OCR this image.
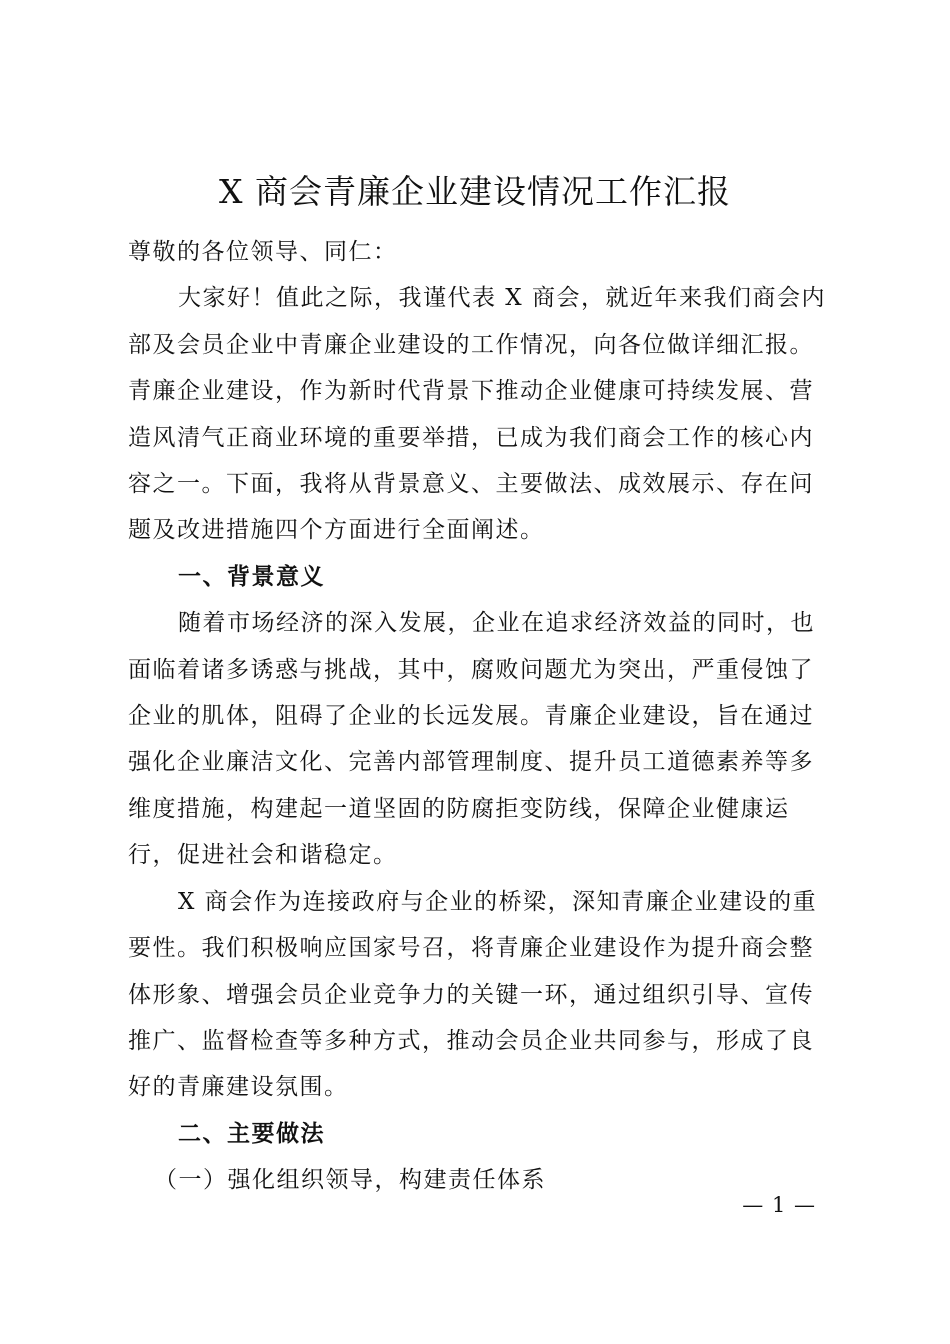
X 商会青廉企业建设情况工作汇报

尊敬的各位领导、同仁：

大家好！值此之际，我谨代表 X 商会，就近年来我们商会内部及会员企业中青廉企业建设的工作情况，向各位做详细汇报。青廉企业建设，作为新时代背景下推动企业健康可持续发展、营造风清气正商业环境的重要举措，已成为我们商会工作的核心内容之一。下面，我将从背景意义、主要做法、成效展示、存在问题及改进措施四个方面进行全面阐述。

一、背景意义

随着市场经济的深入发展，企业在追求经济效益的同时，也面临着诸多诱惑与挑战，其中，腐败问题尤为突出，严重侵蚀了企业的肌体，阻碍了企业的长远发展。青廉企业建设，旨在通过强化企业廉洁文化、完善内部管理制度、提升员工道德素养等多维度措施，构建起一道坚固的防腐拒变防线，保障企业健康运行，促进社会和谐稳定。

X 商会作为连接政府与企业的桥梁，深知青廉企业建设的重要性。我们积极响应国家号召，将青廉企业建设作为提升商会整体形象、增强会员企业竞争力的关键一环，通过组织引导、宣传推广、监督检查等多种方式，推动会员企业共同参与，形成了良好的青廉建设氛围。

二、主要做法

（一）强化组织领导，构建责任体系

— 1 —
